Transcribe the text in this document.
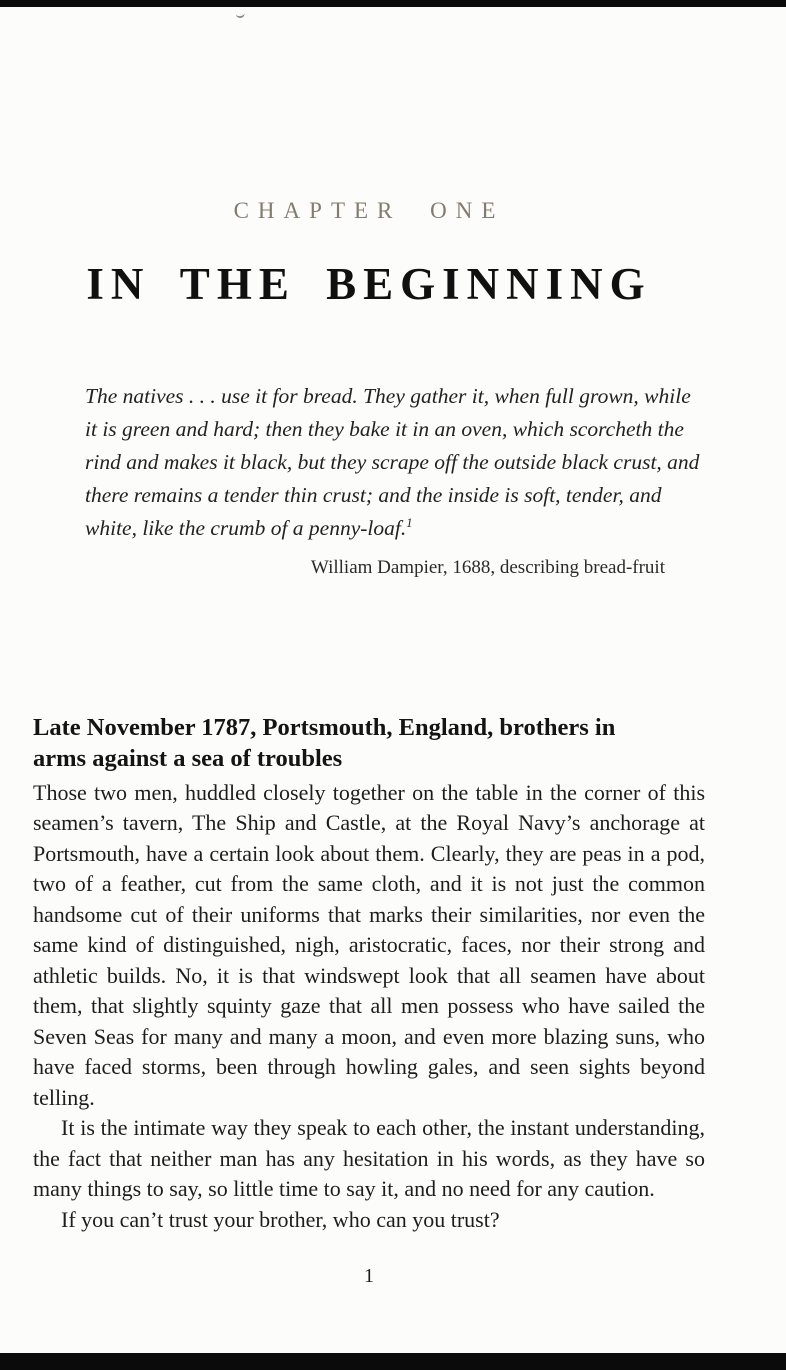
CHAPTER ONE
IN THE BEGINNING

The natives . . . use it for bread. They gather it, when full grown, while it is green and hard; then they bake it in an oven, which scorcheth the rind and makes it black, but they scrape off the outside black crust, and there remains a tender thin crust; and the inside is soft, tender, and white, like the crumb of a penny-loaf.$^1$

William Dampier, 1688, describing bread-fruit
Late November 1787, Portsmouth, England, brothers in arms against a sea of troubles

Those two men, huddled closely together on the table in the corner of this seamen’s tavern, The Ship and Castle, at the Royal Navy’s anchorage at Portsmouth, have a certain look about them. Clearly, they are peas in a pod, two of a feather, cut from the same cloth, and it is not just the common handsome cut of their uniforms that marks their similarities, nor even the same kind of distinguished, nigh, aristocratic, faces, nor their strong and athletic builds. No, it is that windswept look that all seamen have about them, that slightly squinty gaze that all men possess who have sailed the Seven Seas for many and many a moon, and even more blazing suns, who have faced storms, been through howling gales, and seen sights beyond telling.

It is the intimate way they speak to each other, the instant understanding, the fact that neither man has any hesitation in his words, as they have so many things to say, so little time to say it, and no need for any caution.

If you can’t trust your brother, who can you trust?

1
